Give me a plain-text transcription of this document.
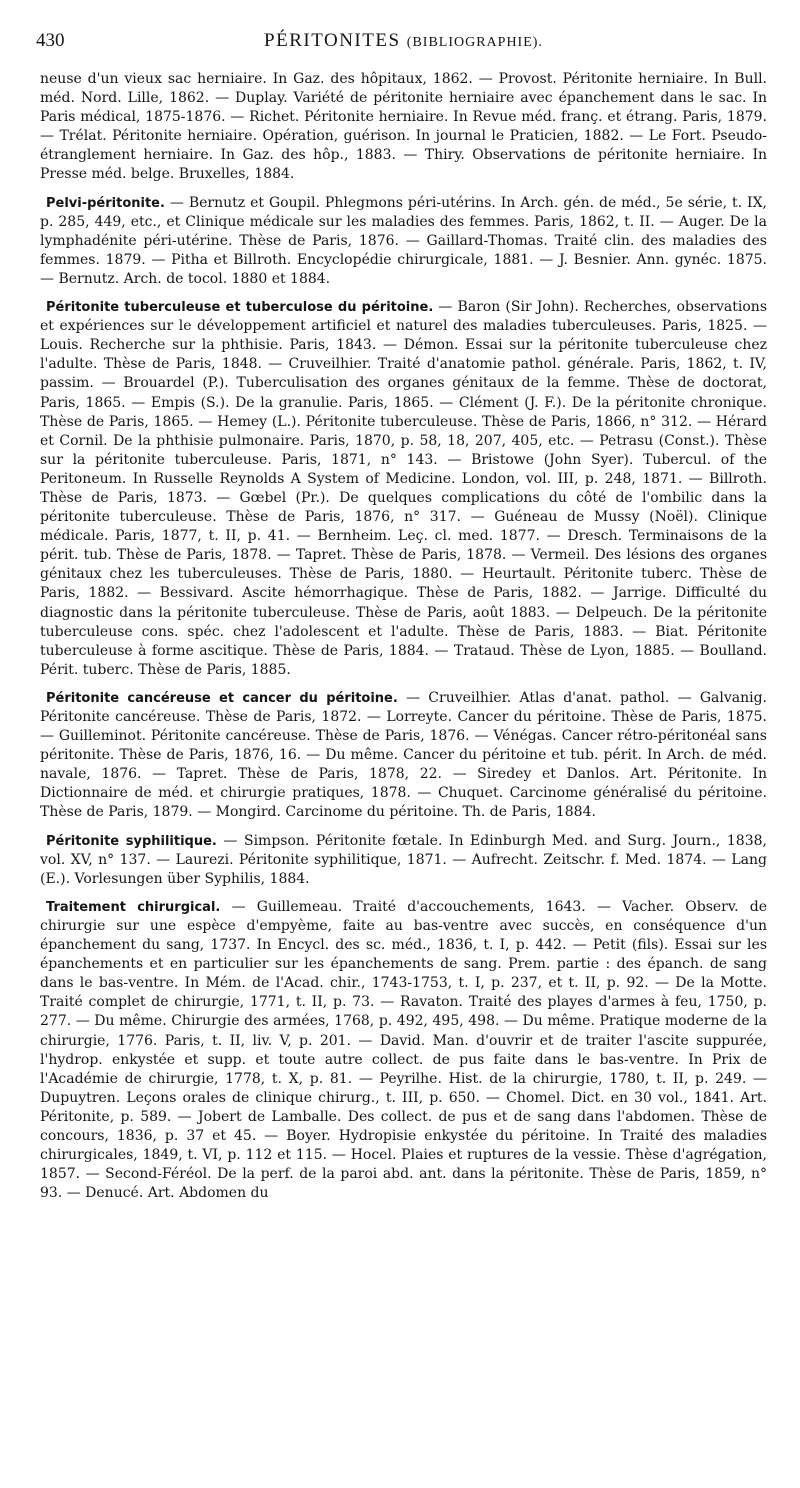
430	PÉRITONITES (BIBLIOGRAPHIE).

neuse d'un vieux sac herniaire. In Gaz. des hôpitaux, 1862. — Provost. Péritonite herniaire. In Bull. méd. Nord. Lille, 1862. — Duplay. Variété de péritonite herniaire avec épanchement dans le sac. In Paris médical, 1875-1876. — Richet. Péritonite herniaire. In Revue méd. franç. et étrang. Paris, 1879. — Trélat. Péritonite herniaire. Opération, guérison. In journal le Praticien, 1882. — Le Fort. Pseudo-étranglement herniaire. In Gaz. des hôp., 1883. — Thiry. Observations de péritonite herniaire. In Presse méd. belge. Bruxelles, 1884.

Pelvi-péritonite. — Bernutz et Goupil. Phlegmons péri-utérins. In Arch. gén. de méd., 5e série, t. IX, p. 285, 449, etc., et Clinique médicale sur les maladies des femmes. Paris, 1862, t. II. — Auger. De la lymphadénite péri-utérine. Thèse de Paris, 1876. — Gaillard-Thomas. Traité clin. des maladies des femmes. 1879. — Pitha et Billroth. Encyclopédie chirurgicale, 1881. — J. Besnier. Ann. gynéc. 1875. — Bernutz. Arch. de tocol. 1880 et 1884.

Péritonite tuberculeuse et tuberculose du péritoine. — Baron (Sir John). Recherches, observations et expériences sur le développement artificiel et naturel des maladies tuberculeuses. Paris, 1825. — Louis. Recherche sur la phthisie. Paris, 1843. — Démon. Essai sur la péritonite tuberculeuse chez l'adulte. Thèse de Paris, 1848. — Cruveilhier. Traité d'anatomie pathol. générale. Paris, 1862, t. IV, passim. — Brouardel (P.). Tuberculisation des organes génitaux de la femme. Thèse de doctorat, Paris, 1865. — Empis (S.). De la granulie. Paris, 1865. — Clément (J. F.). De la péritonite chronique. Thèse de Paris, 1865. — Hemey (L.). Péritonite tuberculeuse. Thèse de Paris, 1866, n° 312. — Hérard et Cornil. De la phthisie pulmonaire. Paris, 1870, p. 58, 18, 207, 405, etc. — Petrasu (Const.). Thèse sur la péritonite tuberculeuse. Paris, 1871, n° 143. — Bristowe (John Syer). Tubercul. of the Peritoneum. In Russelle Reynolds A System of Medicine. London, vol. III, p. 248, 1871. — Billroth. Thèse de Paris, 1873. — Gœbel (Pr.). De quelques complications du côté de l'ombilic dans la péritonite tuberculeuse. Thèse de Paris, 1876, n° 317. — Guéneau de Mussy (Noël). Clinique médicale. Paris, 1877, t. II, p. 41. — Bernheim. Leç. cl. med. 1877. — Dresch. Terminaisons de la périt. tub. Thèse de Paris, 1878. — Tapret. Thèse de Paris, 1878. — Vermeil. Des lésions des organes génitaux chez les tuberculeuses. Thèse de Paris, 1880. — Heurtault. Péritonite tuberc. Thèse de Paris, 1882. — Bessivard. Ascite hémorrhagique. Thèse de Paris, 1882. — Jarrige. Difficulté du diagnostic dans la péritonite tuberculeuse. Thèse de Paris, août 1883. — Delpeuch. De la péritonite tuberculeuse cons. spéc. chez l'adolescent et l'adulte. Thèse de Paris, 1883. — Biat. Péritonite tuberculeuse à forme ascitique. Thèse de Paris, 1884. — Trataud. Thèse de Lyon, 1885. — Boulland. Périt. tuberc. Thèse de Paris, 1885.

Péritonite cancéreuse et cancer du péritoine. — Cruveilhier. Atlas d'anat. pathol. — Galvanig. Péritonite cancéreuse. Thèse de Paris, 1872. — Lorreyte. Cancer du péritoine. Thèse de Paris, 1875. — Guilleminot. Péritonite cancéreuse. Thèse de Paris, 1876. — Vénégas. Cancer rétro-péritonéal sans péritonite. Thèse de Paris, 1876, 16. — Du même. Cancer du péritoine et tub. périt. In Arch. de méd. navale, 1876. — Tapret. Thèse de Paris, 1878, 22. — Siredey et Danlos. Art. Péritonite. In Dictionnaire de méd. et chirurgie pratiques, 1878. — Chuquet. Carcinome généralisé du péritoine. Thèse de Paris, 1879. — Mongird. Carcinome du péritoine. Th. de Paris, 1884.

Péritonite syphilitique. — Simpson. Péritonite fœtale. In Edinburgh Med. and Surg. Journ., 1838, vol. XV, n° 137. — Laurezi. Péritonite syphilitique, 1871. — Aufrecht. Zeitschr. f. Med. 1874. — Lang (E.). Vorlesungen über Syphilis, 1884.

Traitement chirurgical. — Guillemeau. Traité d'accouchements, 1643. — Vacher. Observ. de chirurgie sur une espèce d'empyème, faite au bas-ventre avec succès, en conséquence d'un épanchement du sang, 1737. In Encycl. des sc. méd., 1836, t. I, p. 442. — Petit (fils). Essai sur les épanchements et en particulier sur les épanchements de sang. Prem. partie : des épanch. de sang dans le bas-ventre. In Mém. de l'Acad. chir., 1743-1753, t. I, p. 237, et t. II, p. 92. — De la Motte. Traité complet de chirurgie, 1771, t. II, p. 73. — Ravaton. Traité des playes d'armes à feu, 1750, p. 277. — Du même. Chirurgie des armées, 1768, p. 492, 495, 498. — Du même. Pratique moderne de la chirurgie, 1776. Paris, t. II, liv. V, p. 201. — David. Man. d'ouvrir et de traiter l'ascite suppurée, l'hydrop. enkystée et supp. et toute autre collect. de pus faite dans le bas-ventre. In Prix de l'Académie de chirurgie, 1778, t. X, p. 81. — Peyrilhe. Hist. de la chirurgie, 1780, t. II, p. 249. — Dupuytren. Leçons orales de clinique chirurg., t. III, p. 650. — Chomel. Dict. en 30 vol., 1841. Art. Péritonite, p. 589. — Jobert de Lamballe. Des collect. de pus et de sang dans l'abdomen. Thèse de concours, 1836, p. 37 et 45. — Boyer. Hydropisie enkystée du péritoine. In Traité des maladies chirurgicales, 1849, t. VI, p. 112 et 115. — Hocel. Plaies et ruptures de la vessie. Thèse d'agrégation, 1857. — Second-Féréol. De la perf. de la paroi abd. ant. dans la péritonite. Thèse de Paris, 1859, n° 93. — Denucé. Art. Abdomen du
